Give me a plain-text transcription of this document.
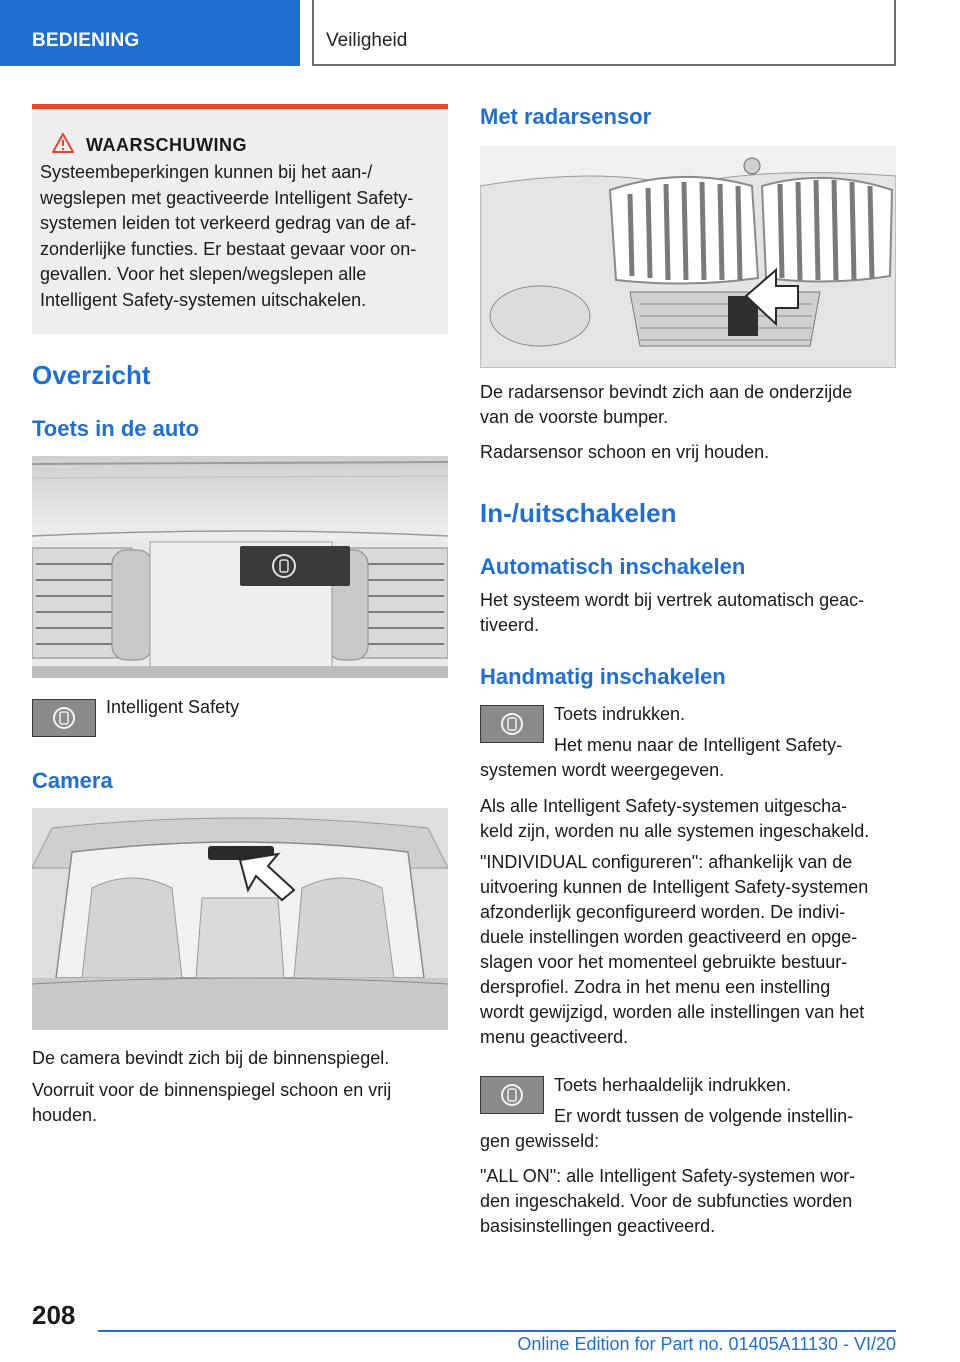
BEDIENING	Veiligheid
WAARSCHUWING
Systeembeperkingen kunnen bij het aan-/
wegslepen met geactiveerde Intelligent Safety-
systemen leiden tot verkeerd gedrag van de af-
zonderlijke functies. Er bestaat gevaar voor on-
gevallen. Voor het slepen/wegslepen alle
Intelligent Safety-systemen uitschakelen.
Overzicht
Toets in de auto
Intelligent Safety
Camera
De camera bevindt zich bij de binnenspiegel.
Voorruit voor de binnenspiegel schoon en vrij
houden.
Met radarsensor
De radarsensor bevindt zich aan de onderzijde
van de voorste bumper.
Radarsensor schoon en vrij houden.
In-/uitschakelen
Automatisch inschakelen
Het systeem wordt bij vertrek automatisch geac-
tiveerd.
Handmatig inschakelen
Toets indrukken.
Het menu naar de Intelligent Safety-
systemen wordt weergegeven.
Als alle Intelligent Safety-systemen uitgescha-
keld zijn, worden nu alle systemen ingeschakeld.
"INDIVIDUAL configureren": afhankelijk van de
uitvoering kunnen de Intelligent Safety-systemen
afzonderlijk geconfigureerd worden. De indivi-
duele instellingen worden geactiveerd en opge-
slagen voor het momenteel gebruikte bestuur-
dersprofiel. Zodra in het menu een instelling
wordt gewijzigd, worden alle instellingen van het
menu geactiveerd.
Toets herhaaldelijk indrukken.
Er wordt tussen de volgende instellin-
gen gewisseld:
"ALL ON": alle Intelligent Safety-systemen wor-
den ingeschakeld. Voor de subfuncties worden
basisinstellingen geactiveerd.
208
Online Edition for Part no. 01405A11130 - VI/20
